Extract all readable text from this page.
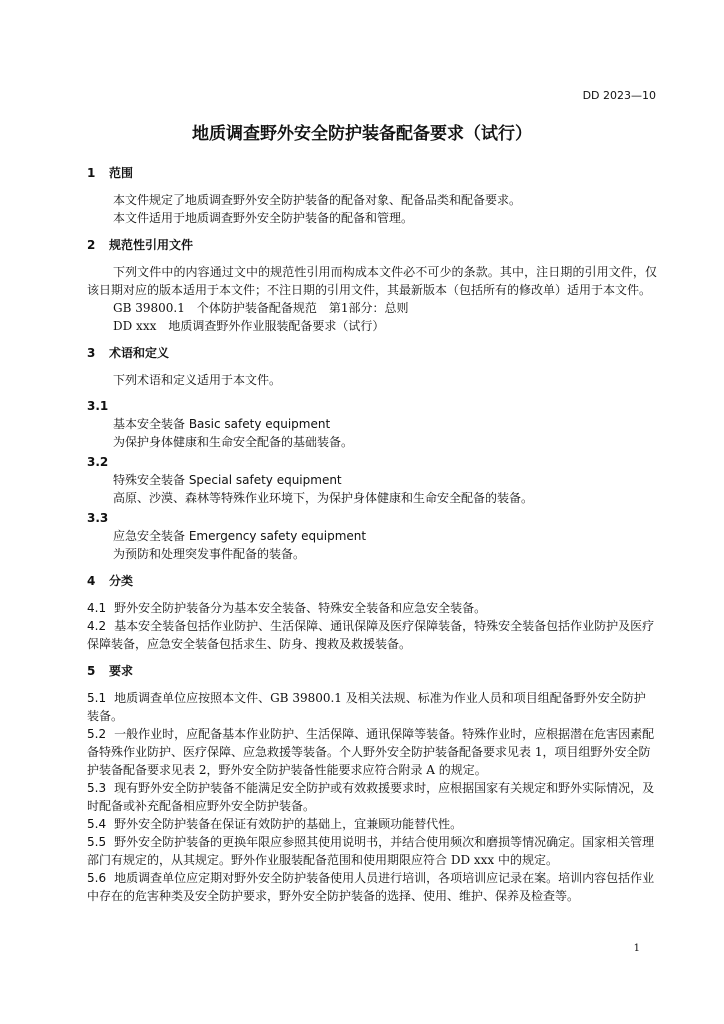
DD 2023—10
地质调查野外安全防护装备配备要求（试行）
1 范围

本文件规定了地质调查野外安全防护装备的配备对象、配备品类和配备要求。

本文件适用于地质调查野外安全防护装备的配备和管理。

2 规范性引用文件

下列文件中的内容通过文中的规范性引用而构成本文件必不可少的条款。其中，注日期的引用文件，仅该日期对应的版本适用于本文件；不注日期的引用文件，其最新版本（包括所有的修改单）适用于本文件。

GB 39800.1　个体防护装备配备规范　第1部分：总则

DD xxx　地质调查野外作业服装配备要求（试行）

3 术语和定义

下列术语和定义适用于本文件。

3.1

基本安全装备 Basic safety equipment

为保护身体健康和生命安全配备的基础装备。

3.2

特殊安全装备 Special safety equipment

高原、沙漠、森林等特殊作业环境下，为保护身体健康和生命安全配备的装备。

3.3

应急安全装备 Emergency safety equipment

为预防和处理突发事件配备的装备。

4 分类

4.1 野外安全防护装备分为基本安全装备、特殊安全装备和应急安全装备。

4.2 基本安全装备包括作业防护、生活保障、通讯保障及医疗保障装备，特殊安全装备包括作业防护及医疗保障装备，应急安全装备包括求生、防身、搜救及救援装备。

5 要求

5.1 地质调查单位应按照本文件、GB 39800.1 及相关法规、标准为作业人员和项目组配备野外安全防护装备。

5.2 一般作业时，应配备基本作业防护、生活保障、通讯保障等装备。特殊作业时，应根据潜在危害因素配备特殊作业防护、医疗保障、应急救援等装备。个人野外安全防护装备配备要求见表 1，项目组野外安全防护装备配备要求见表 2，野外安全防护装备性能要求应符合附录 A 的规定。

5.3 现有野外安全防护装备不能满足安全防护或有效救援要求时，应根据国家有关规定和野外实际情况，及时配备或补充配备相应野外安全防护装备。

5.4 野外安全防护装备在保证有效防护的基础上，宜兼顾功能替代性。

5.5 野外安全防护装备的更换年限应参照其使用说明书，并结合使用频次和磨损等情况确定。国家相关管理部门有规定的，从其规定。野外作业服装配备范围和使用期限应符合 DD xxx 中的规定。

5.6 地质调查单位应定期对野外安全防护装备使用人员进行培训，各项培训应记录在案。培训内容包括作业中存在的危害种类及安全防护要求，野外安全防护装备的选择、使用、维护、保养及检查等。

1
